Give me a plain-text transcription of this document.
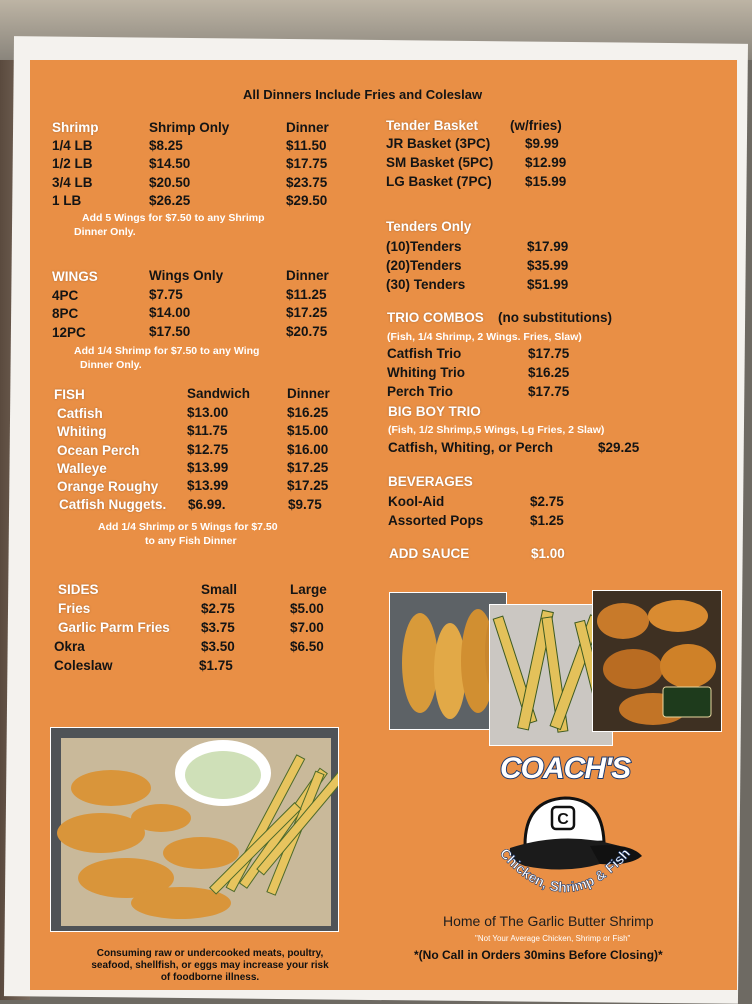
All Dinners Include Fries and Coleslaw
Shrimp	Shrimp Only	Dinner
1/4 LB	$8.25	$11.50
1/2 LB	$14.50	$17.75
3/4 LB	$20.50	$23.75
1 LB	$26.25	$29.50
Add 5 Wings for $7.50 to any Shrimp
Dinner Only.
WINGS	Wings Only	Dinner
4PC	$7.75	$11.25
8PC	$14.00	$17.25
12PC	$17.50	$20.75
Add 1/4 Shrimp for $7.50 to any Wing
Dinner Only.
FISH	Sandwich	Dinner
Catfish	$13.00	$16.25
Whiting	$11.75	$15.00
Ocean Perch	$12.75	$16.00
Walleye	$13.99	$17.25
Orange Roughy $13.99	$17.25
Catfish Nuggets. $6.99.	$9.75
Add 1/4 Shrimp or 5 Wings for $7.50
to any Fish Dinner
SIDES	Small	Large
Fries	$2.75	$5.00
Garlic Parm Fries $3.75	$7.00
Okra	$3.50	$6.50
Coleslaw	$1.75
Tender Basket (w/fries)
JR Basket (3PC)	$9.99
SM Basket (5PC) $12.99
LG Basket (7PC) $15.99
Tenders Only
(10)Tenders	$17.99
(20)Tenders	$35.99
(30) Tenders	$51.99
TRIO COMBOS (no substitutions)
(Fish, 1/4 Shrimp, 2 Wings. Fries, Slaw)
Catfish Trio	$17.75
Whiting Trio	$16.25
Perch Trio	$17.75
BIG BOY TRIO
(Fish, 1/2 Shrimp,5 Wings, Lg Fries, 2 Slaw)
Catfish, Whiting, or Perch	$29.25
BEVERAGES
Kool-Aid	$2.75
Assorted Pops	$1.25
ADD SAUCE	$1.00
COACH'S
C
Chicken, Shrimp & Fish
Home of The Garlic Butter Shrimp
"Not Your Average Chicken, Shrimp or Fish"
*(No Call in Orders 30mins Before Closing)*
Consuming raw or undercooked meats, poultry,
seafood, shellfish, or eggs may increase your risk
of foodborne illness.
